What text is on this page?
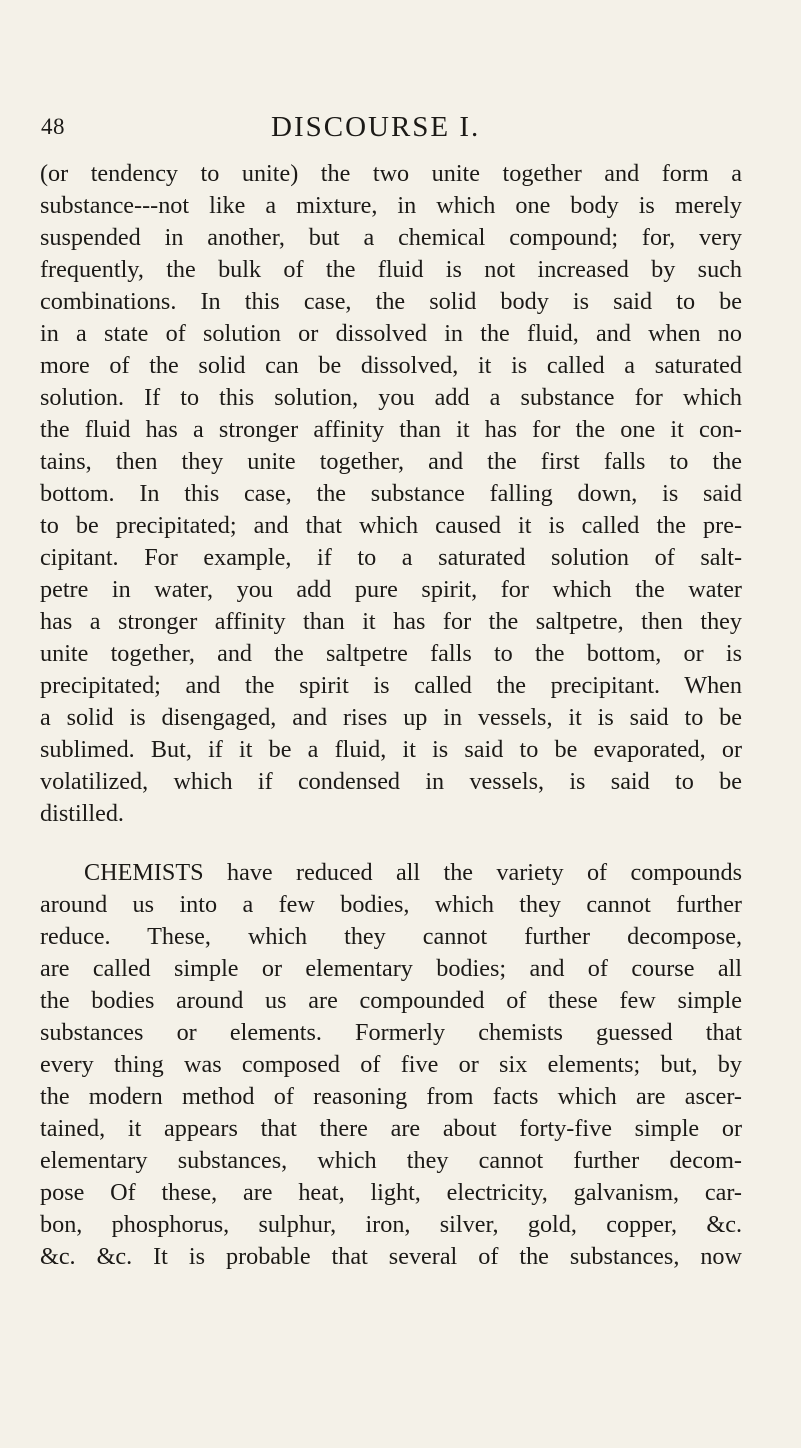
48	DISCOURSE I.
(or tendency to unite) the two unite together and form a
substance---not like a mixture, in which one body is merely
suspended in another, but a chemical compound; for, very
frequently, the bulk of the fluid is not increased by such
combinations. In this case, the solid body is said to be
in a state of solution or dissolved in the fluid, and when no
more of the solid can be dissolved, it is called a saturated
solution. If to this solution, you add a substance for which
the fluid has a stronger affinity than it has for the one it con-
tains, then they unite together, and the first falls to the
bottom. In this case, the substance falling down, is said
to be precipitated; and that which caused it is called the pre-
cipitant. For example, if to a saturated solution of salt-
petre in water, you add pure spirit, for which the water
has a stronger affinity than it has for the saltpetre, then they
unite together, and the saltpetre falls to the bottom, or is
precipitated; and the spirit is called the precipitant. When
a solid is disengaged, and rises up in vessels, it is said to be
sublimed. But, if it be a fluid, it is said to be evaporated, or
volatilized, which if condensed in vessels, is said to be
distilled.
CHEMISTS have reduced all the variety of compounds
around us into a few bodies, which they cannot further
reduce. These, which they cannot further decompose,
are called simple or elementary bodies; and of course all
the bodies around us are compounded of these few simple
substances or elements. Formerly chemists guessed that
every thing was composed of five or six elements; but, by
the modern method of reasoning from facts which are ascer-
tained, it appears that there are about forty-five simple or
elementary substances, which they cannot further decom-
pose Of these, are heat, light, electricity, galvanism, car-
bon, phosphorus, sulphur, iron, silver, gold, copper, &c.
&c. &c. It is probable that several of the substances, now
